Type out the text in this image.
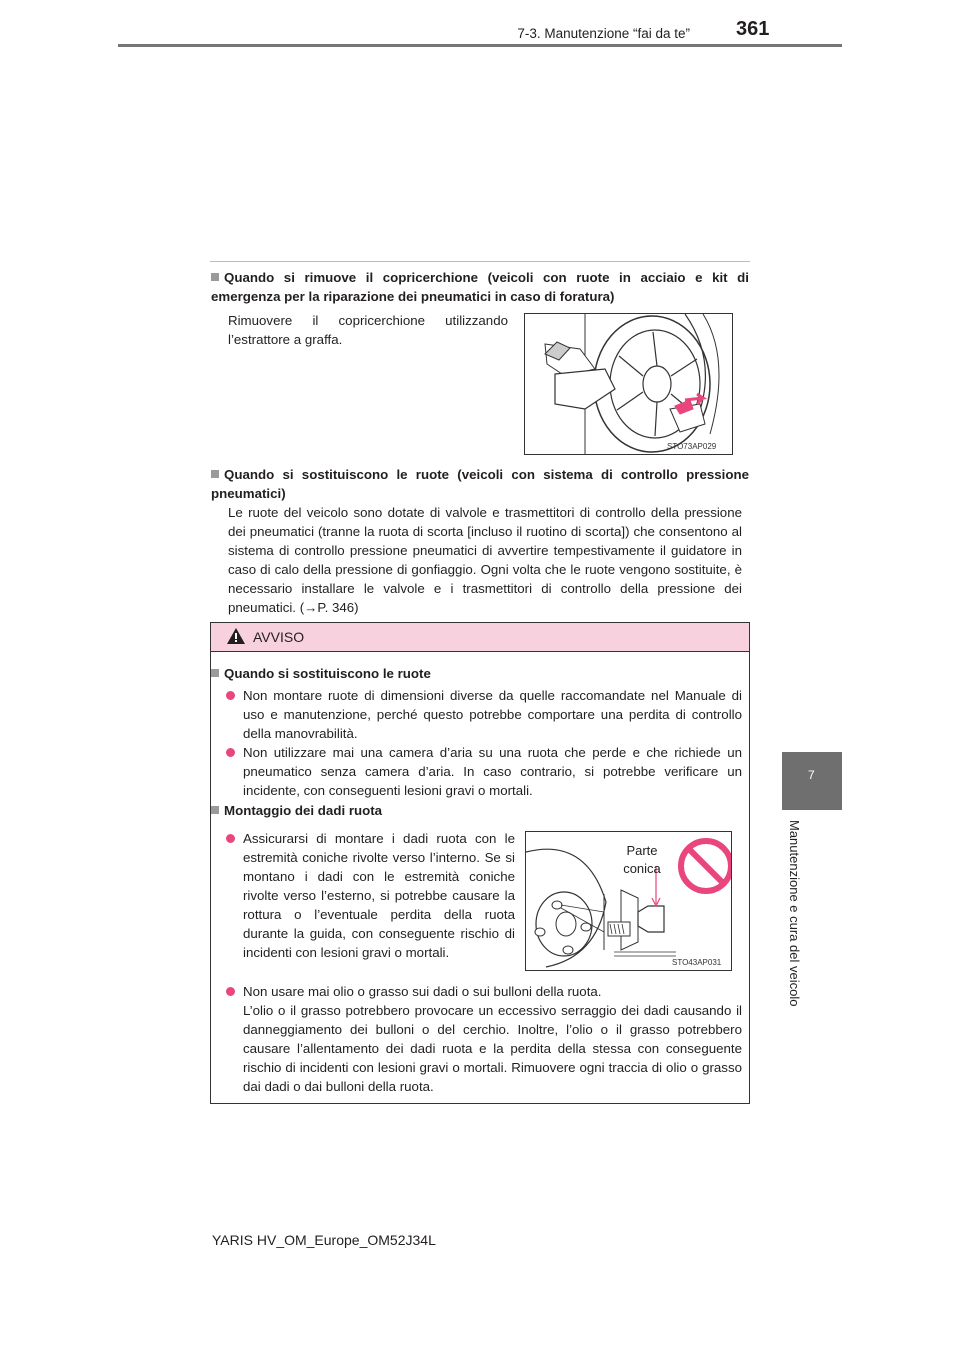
7-3. Manutenzione “fai da te” 361
7
Manutenzione e cura del veicolo
Quando si rimuove il copricerchione (veicoli con ruote in acciaio e kit di emergenza per la riparazione dei pneumatici in caso di foratura)
Rimuovere il copricerchione utilizzando l’estrattore a graffa.
STO73AP029
Quando si sostituiscono le ruote (veicoli con sistema di controllo pressione pneumatici)
Le ruote del veicolo sono dotate di valvole e trasmettitori di controllo della pressione dei pneumatici (tranne la ruota di scorta [incluso il ruotino di scorta]) che consentono al sistema di controllo pressione pneumatici di avvertire tempestivamente il guidatore in caso di calo della pressione di gonfiaggio. Ogni volta che le ruote vengono sostituite, è necessario installare le valvole e i trasmettitori di controllo della pressione dei pneumatici. (→P. 346)
AVVISO
Quando si sostituiscono le ruote
Non montare ruote di dimensioni diverse da quelle raccomandate nel Manuale di uso e manutenzione, perché questo potrebbe comportare una perdita di controllo della manovrabilità.
Non utilizzare mai una camera d’aria su una ruota che perde e che richiede un pneumatico senza camera d’aria. In caso contrario, si potrebbe verificare un incidente, con conseguenti lesioni gravi o mortali.
Montaggio dei dadi ruota
Assicurarsi di montare i dadi ruota con le estremità coniche rivolte verso l’interno. Se si montano i dadi con le estremità coniche rivolte verso l’esterno, si potrebbe causare la rottura o l’eventuale perdita della ruota durante la guida, con conseguente rischio di incidenti con lesioni gravi o mortali.
Parte conica
STO43AP031
Non usare mai olio o grasso sui dadi o sui bulloni della ruota.
L’olio o il grasso potrebbero provocare un eccessivo serraggio dei dadi causando il danneggiamento dei bulloni o del cerchio. Inoltre, l’olio o il grasso potrebbero causare l’allentamento dei dadi ruota e la perdita della stessa con conseguente rischio di incidenti con lesioni gravi o mortali. Rimuovere ogni traccia di olio o grasso dai dadi o dai bulloni della ruota.
YARIS HV_OM_Europe_OM52J34L
